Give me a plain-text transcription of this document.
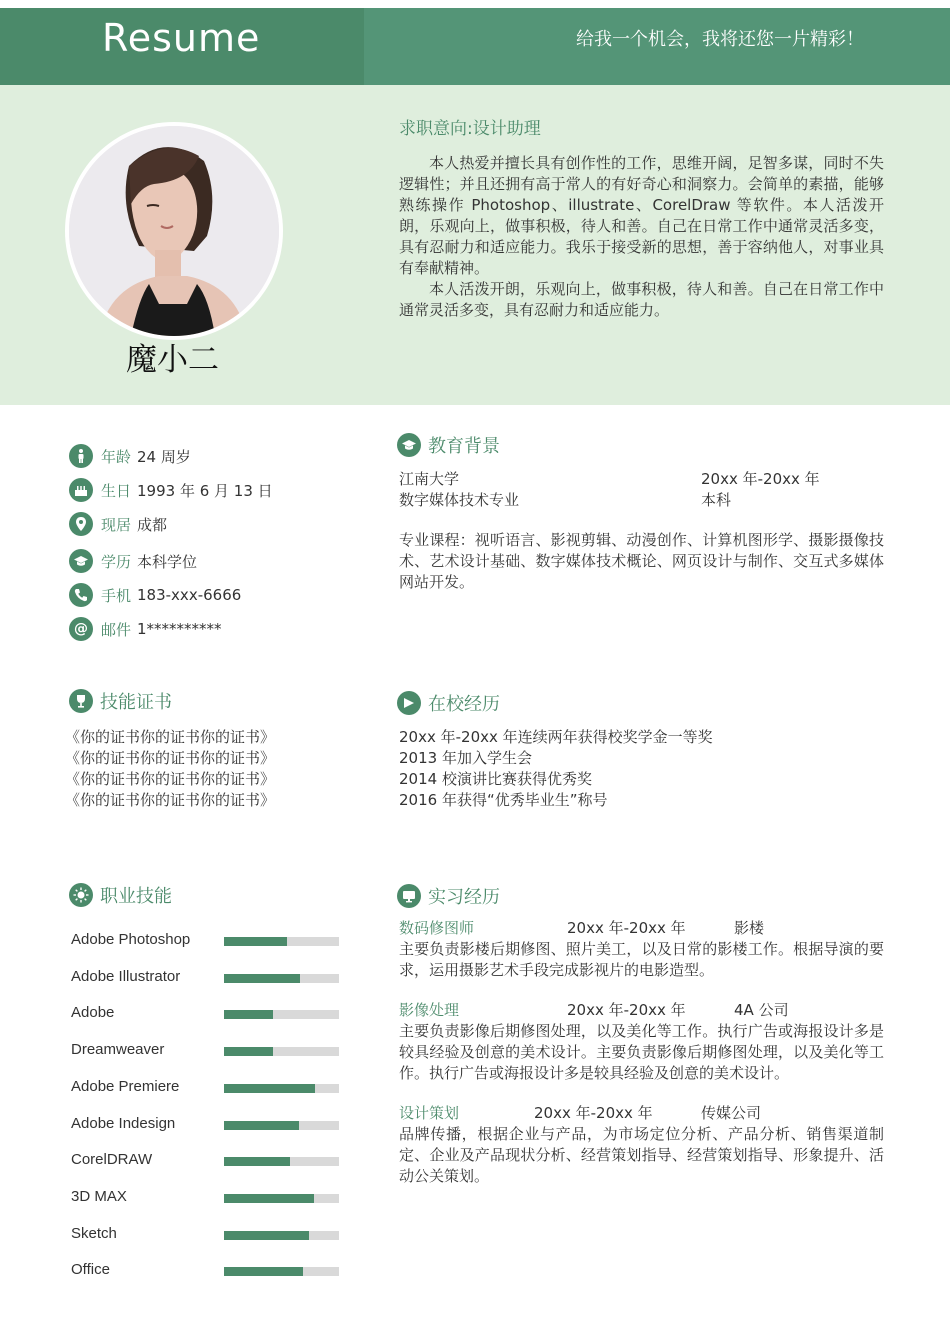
Resume	给我一个机会，我将还您一片精彩！
魔小二
求职意向:设计助理

本人热爱并擅长具有创作性的工作，思维开阔，足智多谋，同时不失逻辑性；并且还拥有高于常人的有好奇心和洞察力。会简单的素描，能够熟练操作 Photoshop、illustrate、CorelDraw 等软件。本人活泼开朗，乐观向上，做事积极，待人和善。自己在日常工作中通常灵活多变，具有忍耐力和适应能力。我乐于接受新的思想，善于容纳他人，对事业具有奉献精神。

本人活泼开朗，乐观向上，做事积极，待人和善。自己在日常工作中通常灵活多变，具有忍耐力和适应能力。

年龄 24 周岁
生日 1993 年 6 月 13 日
现居 成都
学历 本科学位
手机 183-xxx-6666
@ 邮件 1**********
教育背景
江南大学	20xx 年-20xx 年
数字媒体技术专业	本科
专业课程：视听语言、影视剪辑、动漫创作、计算机图形学、摄影摄像技术、艺术设计基础、数字媒体技术概论、网页设计与制作、交互式多媒体网站开发。
技能证书
《你的证书你的证书你的证书》
《你的证书你的证书你的证书》
《你的证书你的证书你的证书》
《你的证书你的证书你的证书》
在校经历
20xx 年-20xx 年连续两年获得校奖学金一等奖
2013 年加入学生会
2014 校演讲比赛获得优秀奖
2016 年获得“优秀毕业生”称号
职业技能
Adobe Photoshop
Adobe Illustrator
Adobe
Dreamweaver
Adobe Premiere
Adobe Indesign
CorelDRAW
3D MAX
Sketch
Office
实习经历
数码修图师	20xx 年-20xx 年	影楼
主要负责影楼后期修图、照片美工，以及日常的影楼工作。根据导演的要求，运用摄影艺术手段完成影视片的电影造型。
影像处理	20xx 年-20xx 年	4A 公司
主要负责影像后期修图处理，以及美化等工作。执行广告或海报设计多是较具经验及创意的美术设计。主要负责影像后期修图处理，以及美化等工作。执行广告或海报设计多是较具经验及创意的美术设计。
设计策划	20xx 年-20xx 年	传媒公司
品牌传播，根据企业与产品，为市场定位分析、产品分析、销售渠道制定、企业及产品现状分析、经营策划指导、经营策划指导、形象提升、活动公关策划。
